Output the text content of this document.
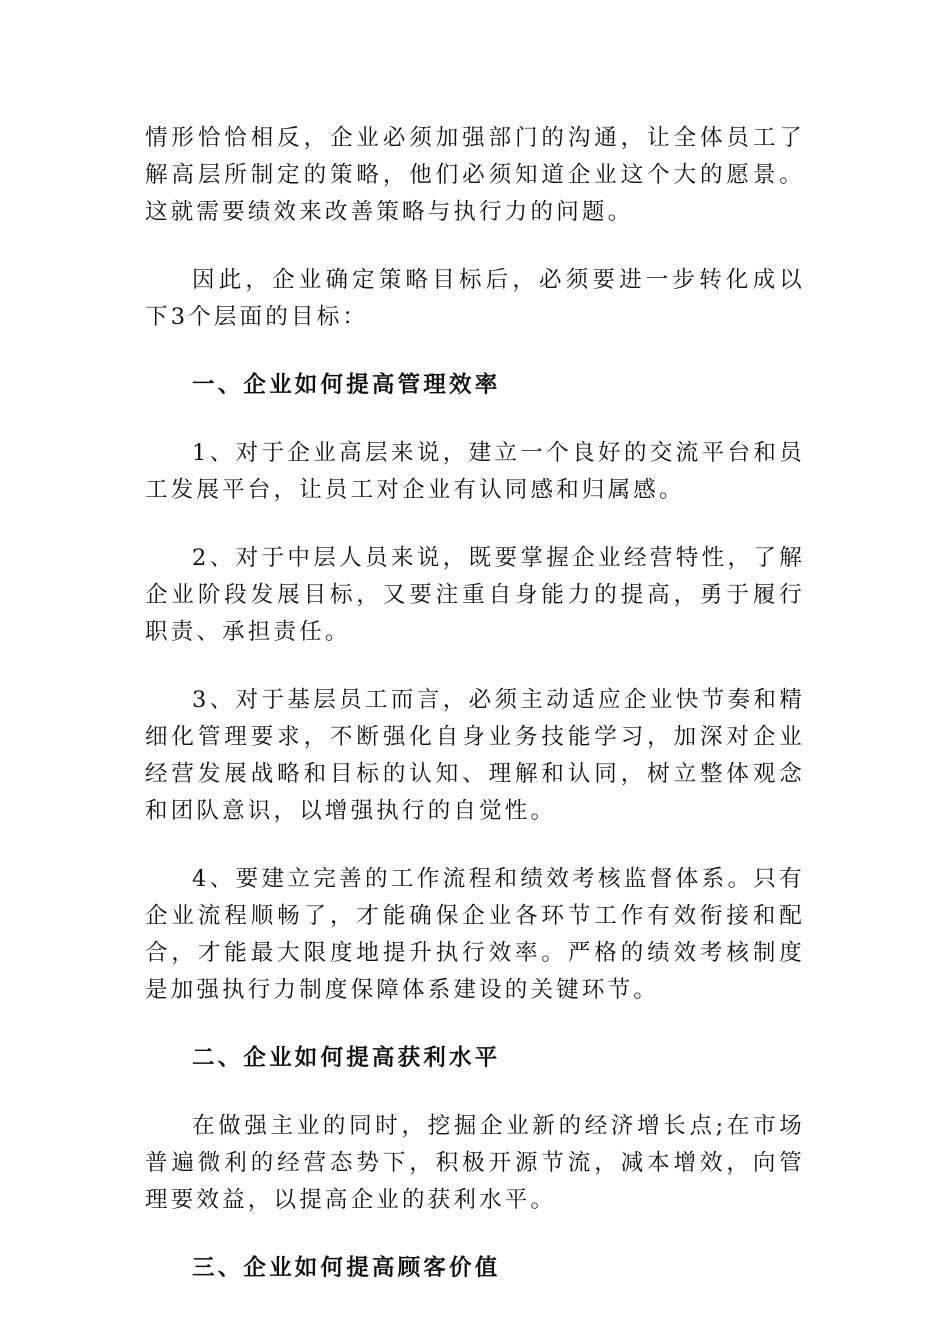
情形恰恰相反，企业必须加强部门的沟通，让全体员工了解高层所制定的策略，他们必须知道企业这个大的愿景。这就需要绩效来改善策略与执行力的问题。

因此，企业确定策略目标后，必须要进一步转化成以下3个层面的目标：

一、企业如何提高管理效率

1、对于企业高层来说，建立一个良好的交流平台和员工发展平台，让员工对企业有认同感和归属感。

2、对于中层人员来说，既要掌握企业经营特性，了解企业阶段发展目标，又要注重自身能力的提高，勇于履行职责、承担责任。

3、对于基层员工而言，必须主动适应企业快节奏和精细化管理要求，不断强化自身业务技能学习，加深对企业经营发展战略和目标的认知、理解和认同，树立整体观念和团队意识，以增强执行的自觉性。

4、要建立完善的工作流程和绩效考核监督体系。只有企业流程顺畅了，才能确保企业各环节工作有效衔接和配合，才能最大限度地提升执行效率。严格的绩效考核制度是加强执行力制度保障体系建设的关键环节。

二、企业如何提高获利水平

在做强主业的同时，挖掘企业新的经济增长点;在市场普遍微利的经营态势下，积极开源节流，减本增效，向管理要效益，以提高企业的获利水平。

三、企业如何提高顾客价值
